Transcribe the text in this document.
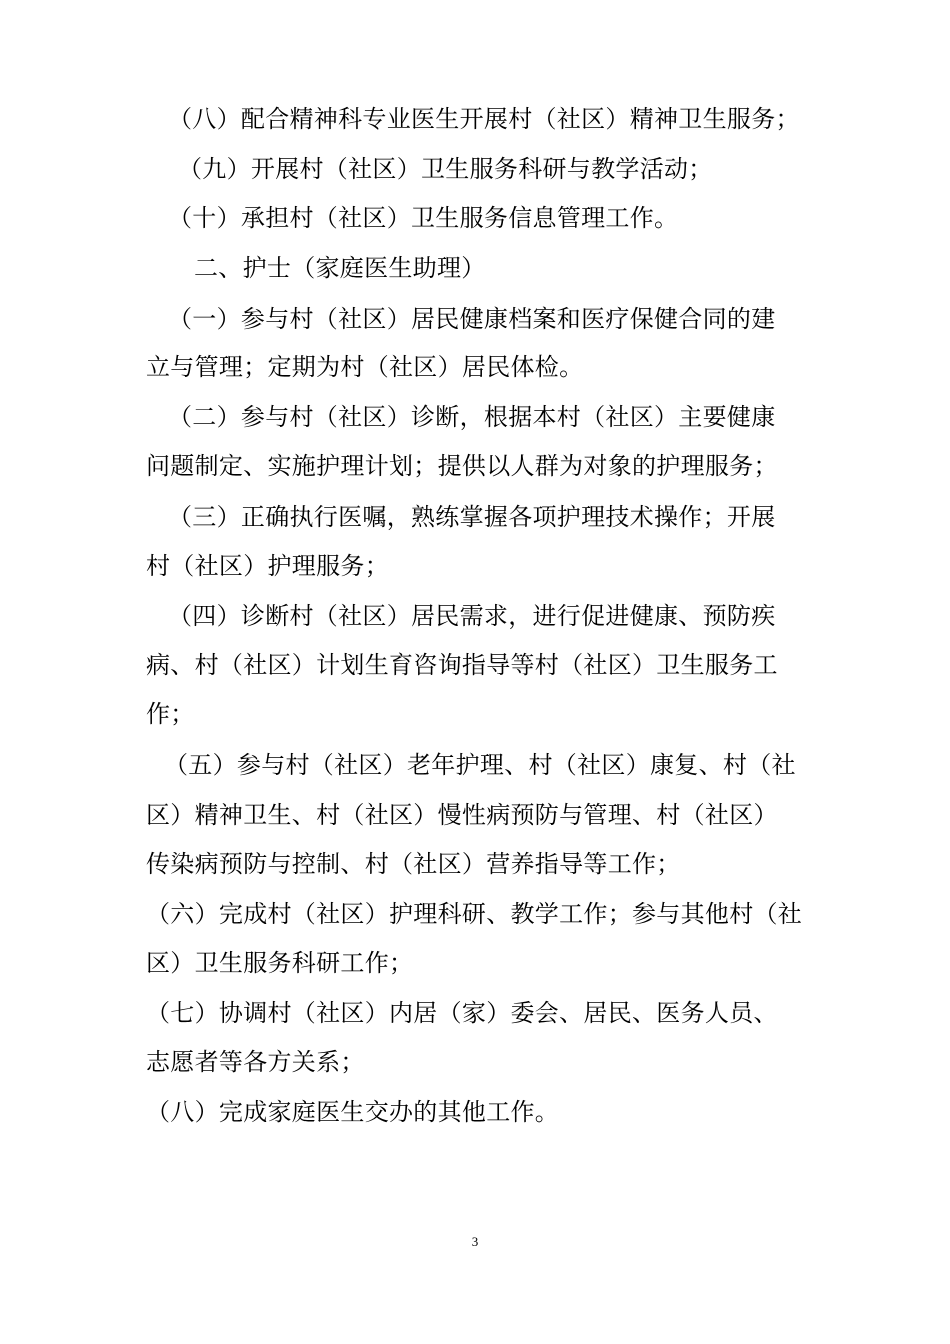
（八）配合精神科专业医生开展村（社区）精神卫生服务；
（九）开展村（社区）卫生服务科研与教学活动；
（十）承担村（社区）卫生服务信息管理工作。
二、护士（家庭医生助理）
（一）参与村（社区）居民健康档案和医疗保健合同的建
立与管理；定期为村（社区）居民体检。
（二）参与村（社区）诊断，根据本村（社区）主要健康
问题制定、实施护理计划；提供以人群为对象的护理服务；
（三）正确执行医嘱，熟练掌握各项护理技术操作；开展
村（社区）护理服务；
（四）诊断村（社区）居民需求，进行促进健康、预防疾
病、村（社区）计划生育咨询指导等村（社区）卫生服务工
作；
（五）参与村（社区）老年护理、村（社区）康复、村（社
区）精神卫生、村（社区）慢性病预防与管理、村（社区）
传染病预防与控制、村（社区）营养指导等工作；
（六）完成村（社区）护理科研、教学工作；参与其他村（社
区）卫生服务科研工作；
（七）协调村（社区）内居（家）委会、居民、医务人员、
志愿者等各方关系；
（八）完成家庭医生交办的其他工作。
3
